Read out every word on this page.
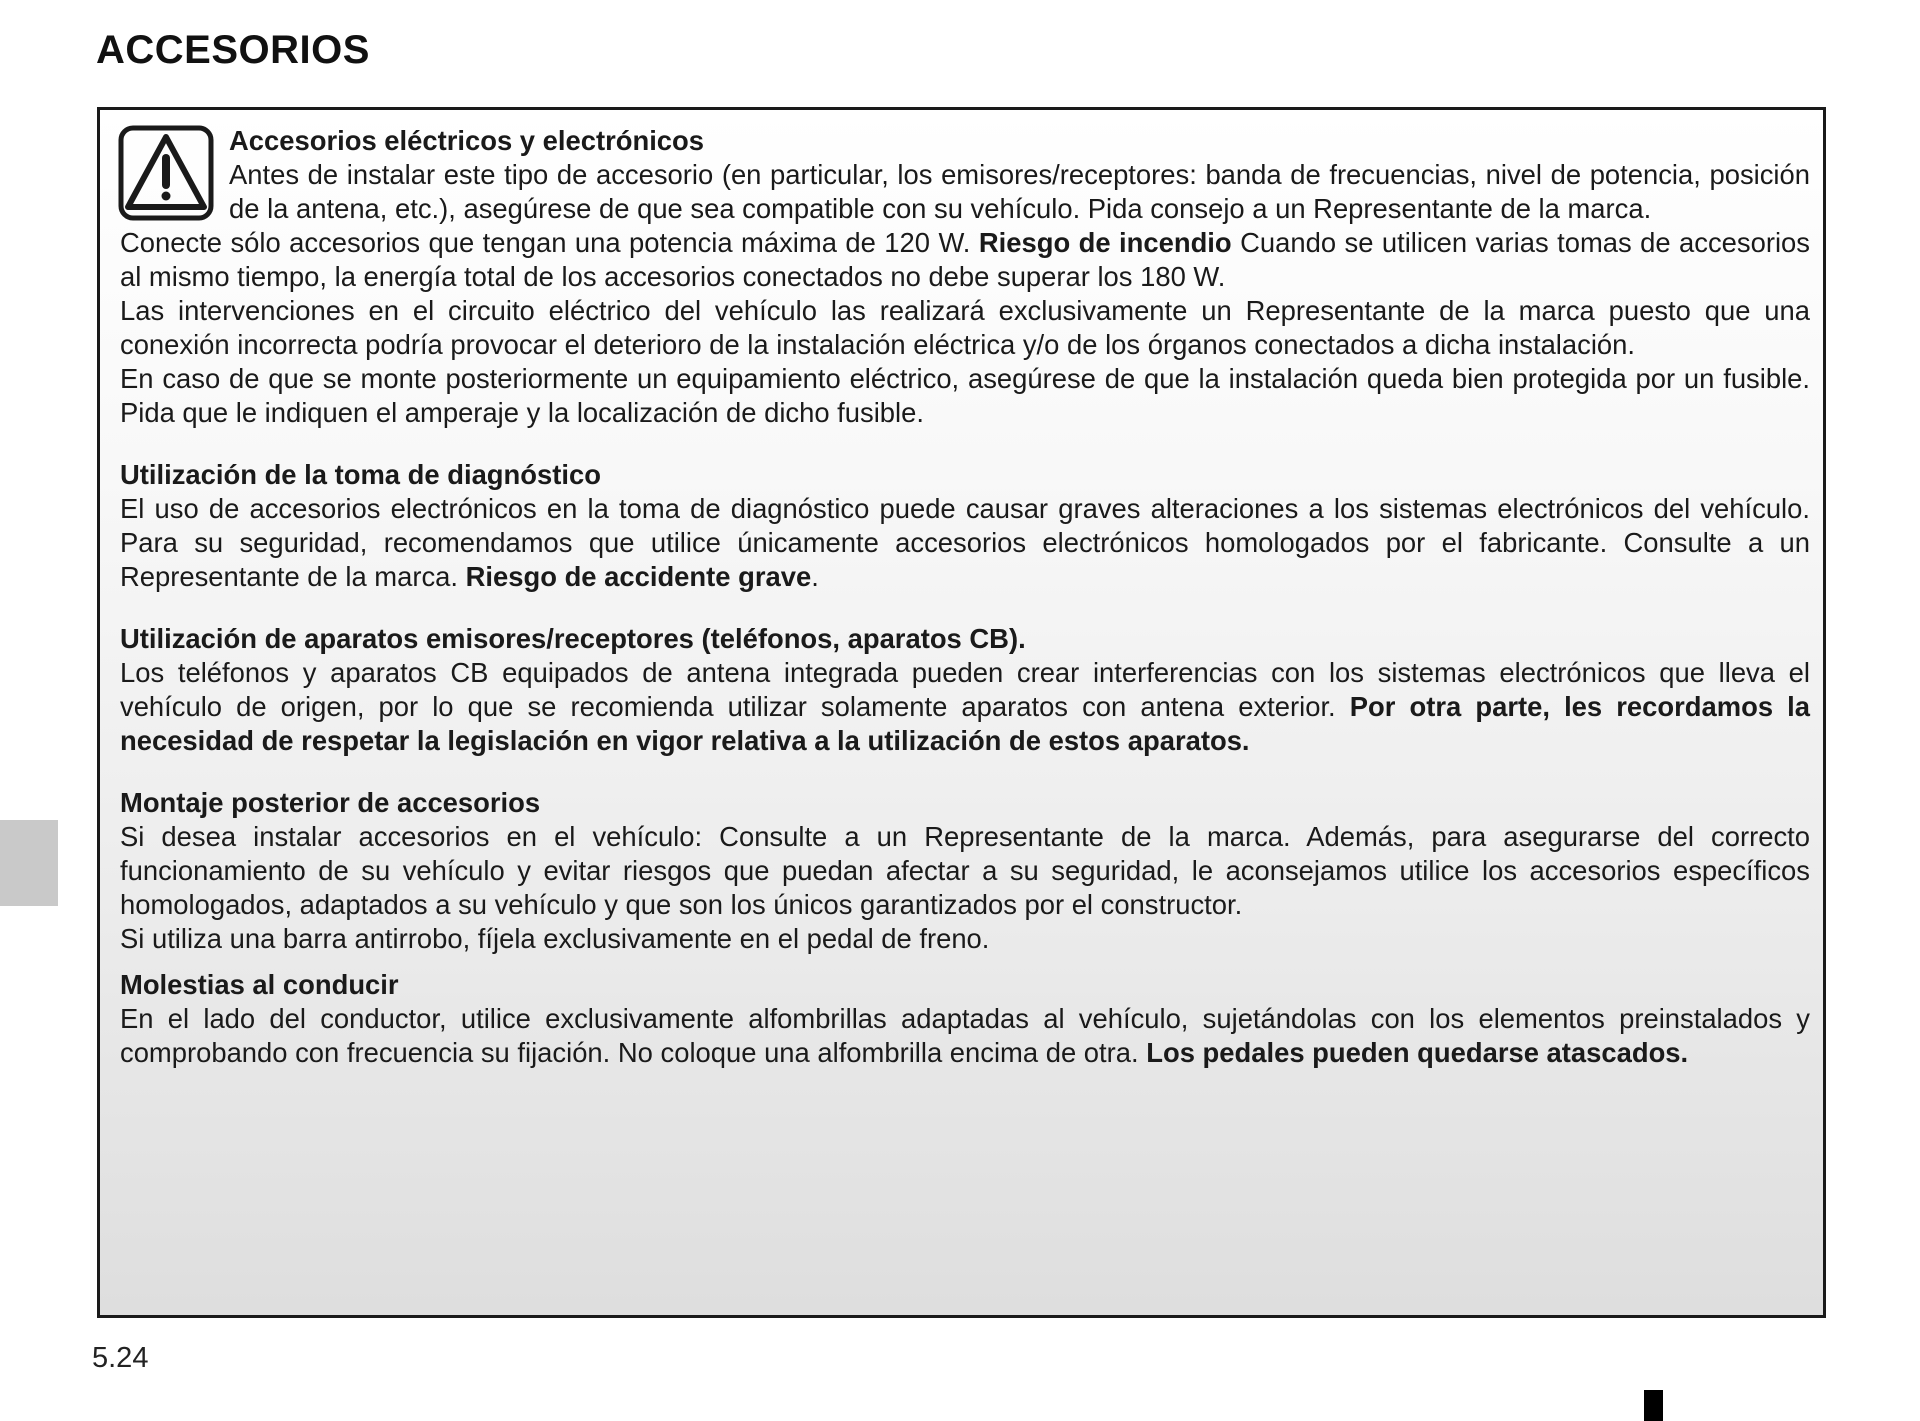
ACCESORIOS

Accesorios eléctricos y electrónicos

Antes de instalar este tipo de accesorio (en particular, los emisores/receptores: banda de frecuencias, nivel de potencia, posición de la antena, etc.), asegúrese de que sea compatible con su vehículo. Pida consejo a un Representante de la marca.

Conecte sólo accesorios que tengan una potencia máxima de 120 W. Riesgo de incendio Cuando se utilicen varias tomas de accesorios al mismo tiempo, la energía total de los accesorios conectados no debe superar los 180 W.

Las intervenciones en el circuito eléctrico del vehículo las realizará exclusivamente un Representante de la marca puesto que una conexión incorrecta podría provocar el deterioro de la instalación eléctrica y/o de los órganos conectados a dicha instalación.

En caso de que se monte posteriormente un equipamiento eléctrico, asegúrese de que la instalación queda bien protegida por un fusible. Pida que le indiquen el amperaje y la localización de dicho fusible.

Utilización de la toma de diagnóstico

El uso de accesorios electrónicos en la toma de diagnóstico puede causar graves alteraciones a los sistemas electrónicos del vehículo. Para su seguridad, recomendamos que utilice únicamente accesorios electrónicos homologados por el fabricante. Consulte a un Representante de la marca. Riesgo de accidente grave.

Utilización de aparatos emisores/receptores (teléfonos, aparatos CB).

Los teléfonos y aparatos CB equipados de antena integrada pueden crear interferencias con los sistemas electrónicos que lleva el vehículo de origen, por lo que se recomienda utilizar solamente aparatos con antena exterior. Por otra parte, les recordamos la necesidad de respetar la legislación en vigor relativa a la utilización de estos aparatos.

Montaje posterior de accesorios

Si desea instalar accesorios en el vehículo: Consulte a un Representante de la marca. Además, para asegurarse del correcto funcionamiento de su vehículo y evitar riesgos que puedan afectar a su seguridad, le aconsejamos utilice los accesorios específicos homologados, adaptados a su vehículo y que son los únicos garantizados por el constructor.

Si utiliza una barra antirrobo, fíjela exclusivamente en el pedal de freno.

Molestias al conducir

En el lado del conductor, utilice exclusivamente alfombrillas adaptadas al vehículo, sujetándolas con los elementos preinstalados y comprobando con frecuencia su fijación. No coloque una alfombrilla encima de otra. Los pedales pueden quedarse atascados.

5.24
